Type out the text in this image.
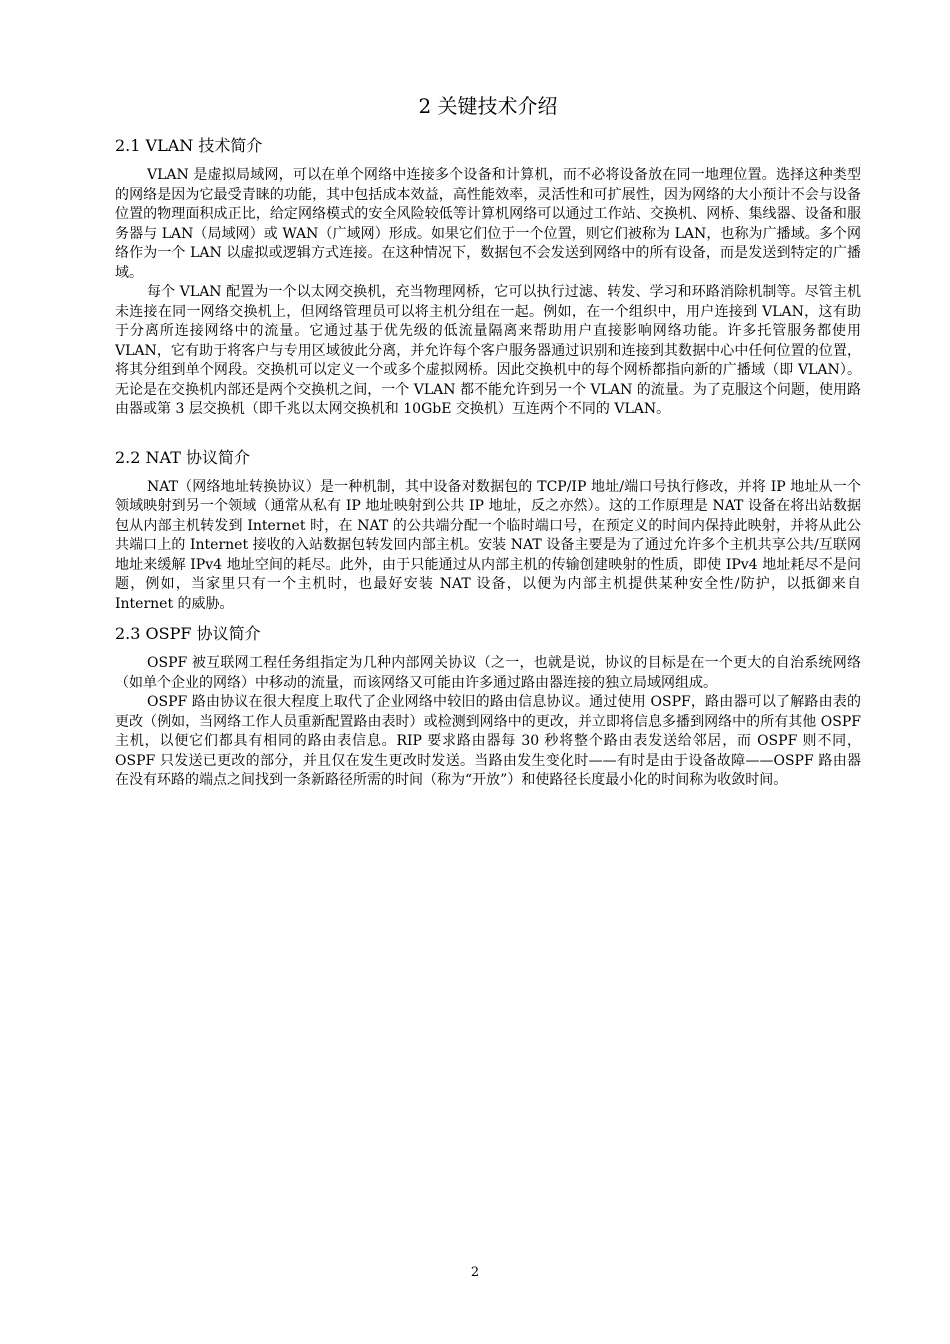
2 关键技术介绍
2.1 VLAN 技术简介

VLAN 是虚拟局域网，可以在单个网络中连接多个设备和计算机，而不必将设备放在同一地理位置。选择这种类型的网络是因为它最受青睐的功能，其中包括成本效益，高性能效率，灵活性和可扩展性，因为网络的大小预计不会与设备位置的物理面积成正比，给定网络模式的安全风险较低等计算机网络可以通过工作站、交换机、网桥、集线器、设备和服务器与 LAN（局域网）或 WAN（广域网）形成。如果它们位于一个位置，则它们被称为 LAN，也称为广播域。多个网络作为一个 LAN 以虚拟或逻辑方式连接。在这种情况下，数据包不会发送到网络中的所有设备，而是发送到特定的广播域。

每个 VLAN 配置为一个以太网交换机，充当物理网桥，它可以执行过滤、转发、学习和环路消除机制等。尽管主机未连接在同一网络交换机上，但网络管理员可以将主机分组在一起。例如，在一个组织中，用户连接到 VLAN，这有助于分离所连接网络中的流量。它通过基于优先级的低流量隔离来帮助用户直接影响网络功能。许多托管服务都使用 VLAN，它有助于将客户与专用区域彼此分离，并允许每个客户服务器通过识别和连接到其数据中心中任何位置的位置，将其分组到单个网段。交换机可以定义一个或多个虚拟网桥。因此交换机中的每个网桥都指向新的广播域（即 VLAN）。无论是在交换机内部还是两个交换机之间，一个 VLAN 都不能允许到另一个 VLAN 的流量。为了克服这个问题，使用路由器或第 3 层交换机（即千兆以太网交换机和 10GbE 交换机）互连两个不同的 VLAN。

2.2 NAT 协议简介

NAT（网络地址转换协议）是一种机制，其中设备对数据包的 TCP/IP 地址/端口号执行修改，并将 IP 地址从一个领域映射到另一个领域（通常从私有 IP 地址映射到公共 IP 地址，反之亦然）。这的工作原理是 NAT 设备在将出站数据包从内部主机转发到 Internet 时，在 NAT 的公共端分配一个临时端口号，在预定义的时间内保持此映射，并将从此公共端口上的 Internet 接收的入站数据包转发回内部主机。安装 NAT 设备主要是为了通过允许多个主机共享公共/互联网地址来缓解 IPv4 地址空间的耗尽。此外，由于只能通过从内部主机的传输创建映射的性质，即使 IPv4 地址耗尽不是问题，例如，当家里只有一个主机时，也最好安装 NAT 设备，以便为内部主机提供某种安全性/防护，以抵御来自 Internet 的威胁。

2.3 OSPF 协议简介

OSPF 被互联网工程任务组指定为几种内部网关协议（之一，也就是说，协议的目标是在一个更大的自治系统网络（如单个企业的网络）中移动的流量，而该网络又可能由许多通过路由器连接的独立局域网组成。

OSPF 路由协议在很大程度上取代了企业网络中较旧的路由信息协议。通过使用 OSPF，路由器可以了解路由表的更改（例如，当网络工作人员重新配置路由表时）或检测到网络中的更改，并立即将信息多播到网络中的所有其他 OSPF 主机，以便它们都具有相同的路由表信息。RIP 要求路由器每 30 秒将整个路由表发送给邻居，而 OSPF 则不同，OSPF 只发送已更改的部分，并且仅在发生更改时发送。当路由发生变化时——有时是由于设备故障——OSPF 路由器在没有环路的端点之间找到一条新路径所需的时间（称为“开放”）和使路径长度最小化的时间称为收敛时间。

2
